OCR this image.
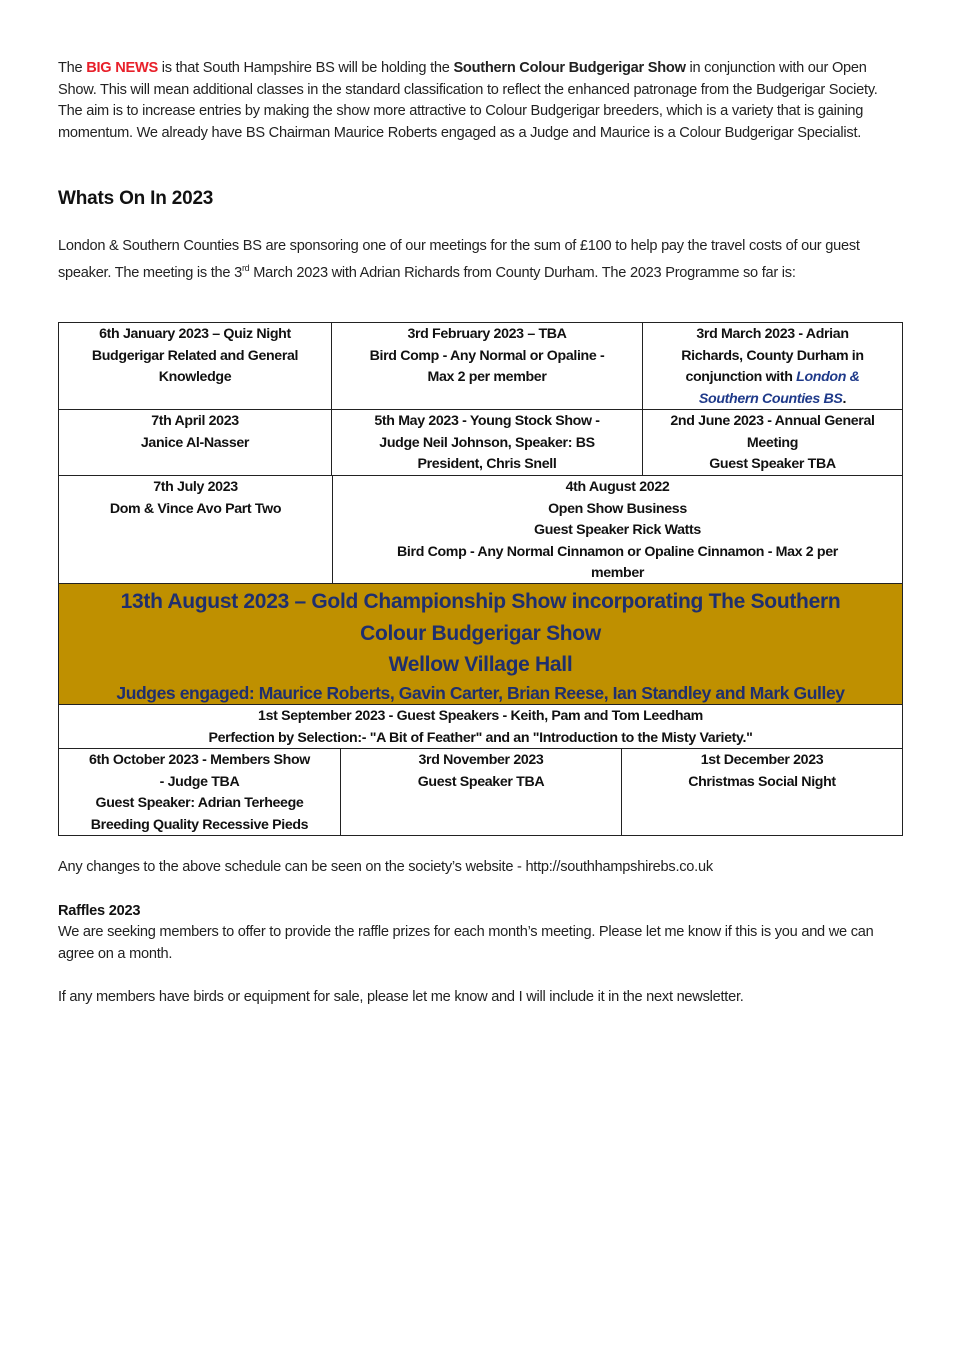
The BIG NEWS is that South Hampshire BS will be holding the Southern Colour Budgerigar Show in conjunction with our Open Show. This will mean additional classes in the standard classification to reflect the enhanced patronage from the Budgerigar Society. The aim is to increase entries by making the show more attractive to Colour Budgerigar breeders, which is a variety that is gaining momentum. We already have BS Chairman Maurice Roberts engaged as a Judge and Maurice is a Colour Budgerigar Specialist.

Whats On In 2023

London & Southern Counties BS are sponsoring one of our meetings for the sum of £100 to help pay the travel costs of our guest speaker. The meeting is the 3rd March 2023 with Adrian Richards from County Durham. The 2023 Programme so far is:

6th January 2023 – Quiz Night
Budgerigar Related and General
Knowledge
3rd February 2023 – TBA
Bird Comp - Any Normal or Opaline -
Max 2 per member
3rd March 2023 - Adrian
Richards, County Durham in
conjunction with London &
Southern Counties BS.
7th April 2023
Janice Al-Nasser
5th May 2023 - Young Stock Show -
Judge Neil Johnson, Speaker: BS
President, Chris Snell
2nd June 2023 - Annual General
Meeting
Guest Speaker TBA
7th July 2023
Dom & Vince Avo Part Two
4th August 2022
Open Show Business
Guest Speaker Rick Watts
Bird Comp - Any Normal Cinnamon or Opaline Cinnamon - Max 2 per
member
13th August 2023 – Gold Championship Show incorporating The Southern
Colour Budgerigar Show
Wellow Village Hall
Judges engaged: Maurice Roberts, Gavin Carter, Brian Reese, Ian Standley and Mark Gulley
1st September 2023 - Guest Speakers - Keith, Pam and Tom Leedham
Perfection by Selection:- "A Bit of Feather" and an "Introduction to the Misty Variety."
6th October 2023 - Members Show
- Judge TBA
Guest Speaker: Adrian Terheege
Breeding Quality Recessive Pieds
3rd November 2023
Guest Speaker TBA
1st December 2023
Christmas Social Night

Any changes to the above schedule can be seen on the society’s website - http://southhampshirebs.co.uk

Raffles 2023

We are seeking members to offer to provide the raffle prizes for each month’s meeting. Please let me know if this is you and we can agree on a month.

If any members have birds or equipment for sale, please let me know and I will include it in the next newsletter.
